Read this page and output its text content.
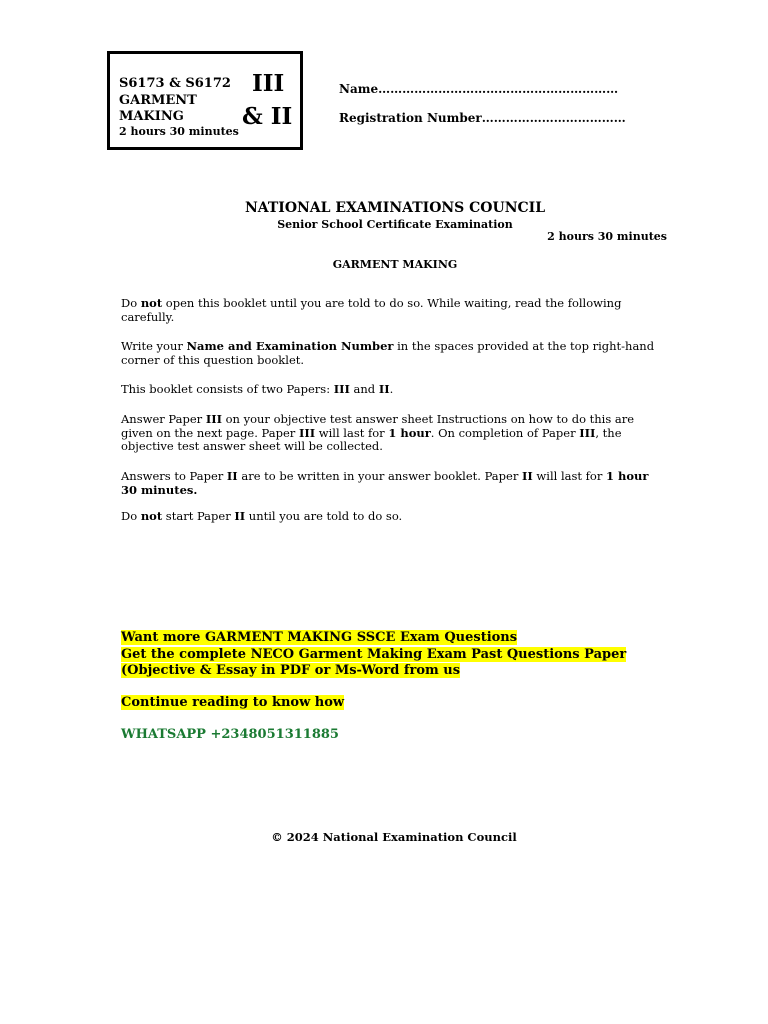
S6173 & S6172
GARMENT
MAKING
2 hours 30 minutes
III
& II
Name……………………………………………………
Registration Number………………………………
NATIONAL EXAMINATIONS COUNCIL
Senior School Certificate Examination
2 hours 30 minutes
GARMENT MAKING
Do not open this booklet until you are told to do so. While waiting, read the following carefully.
Write your Name and Examination Number in the spaces provided at the top right-hand corner of this question booklet.
This booklet consists of two Papers: III and II.
Answer Paper III on your objective test answer sheet Instructions on how to do this are given on the next page. Paper III will last for 1 hour. On completion of Paper III, the objective test answer sheet will be collected.
Answers to Paper II are to be written in your answer booklet. Paper II will last for 1 hour 30 minutes.
Do not start Paper II until you are told to do so.
Want more GARMENT MAKING SSCE Exam Questions
Get the complete NECO Garment Making Exam Past Questions Paper
(Objective & Essay in PDF or Ms-Word from us
Continue reading to know how
WHATSAPP +2348051311885
© 2024 National Examination Council
